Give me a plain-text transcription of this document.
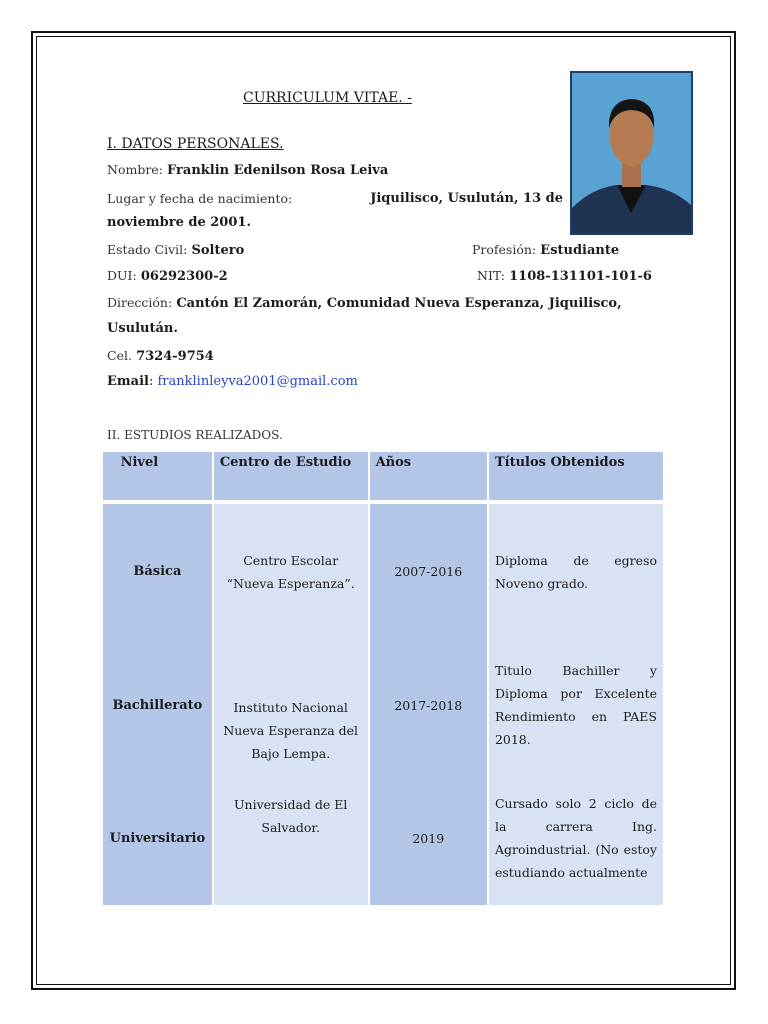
CURRICULUM VITAE. -
I. DATOS PERSONALES.
Nombre: Franklin Edenilson Rosa Leiva
Lugar y fecha de nacimiento:	Jiquilisco, Usulután, 13 de
noviembre de 2001.
Estado Civil: Soltero	Profesión: Estudiante
DUI: 06292300-2	NIT: 1108-131101-101-6
Dirección: Cantón El Zamorán, Comunidad Nueva Esperanza, Jiquilisco,
Usulután.
Cel. 7324-9754
Email: franklinleyva2001@gmail.com
II. ESTUDIOS REALIZADOS.
Nivel	Centro de Estudio	Años	Títulos Obtenidos

Básica	Centro Escolar “Nueva Esperanza”.	2007-2016	Diploma de egreso Noveno grado.
Bachillerato	Instituto Nacional Nueva Esperanza del Bajo Lempa.	2017-2018	Titulo Bachiller y Diploma por Excelente Rendimiento en PAES 2018.
Universitario	Universidad de El Salvador.	2019	Cursado solo 2 ciclo de la carrera Ing. Agroindustrial. (No estoy estudiando actualmente
